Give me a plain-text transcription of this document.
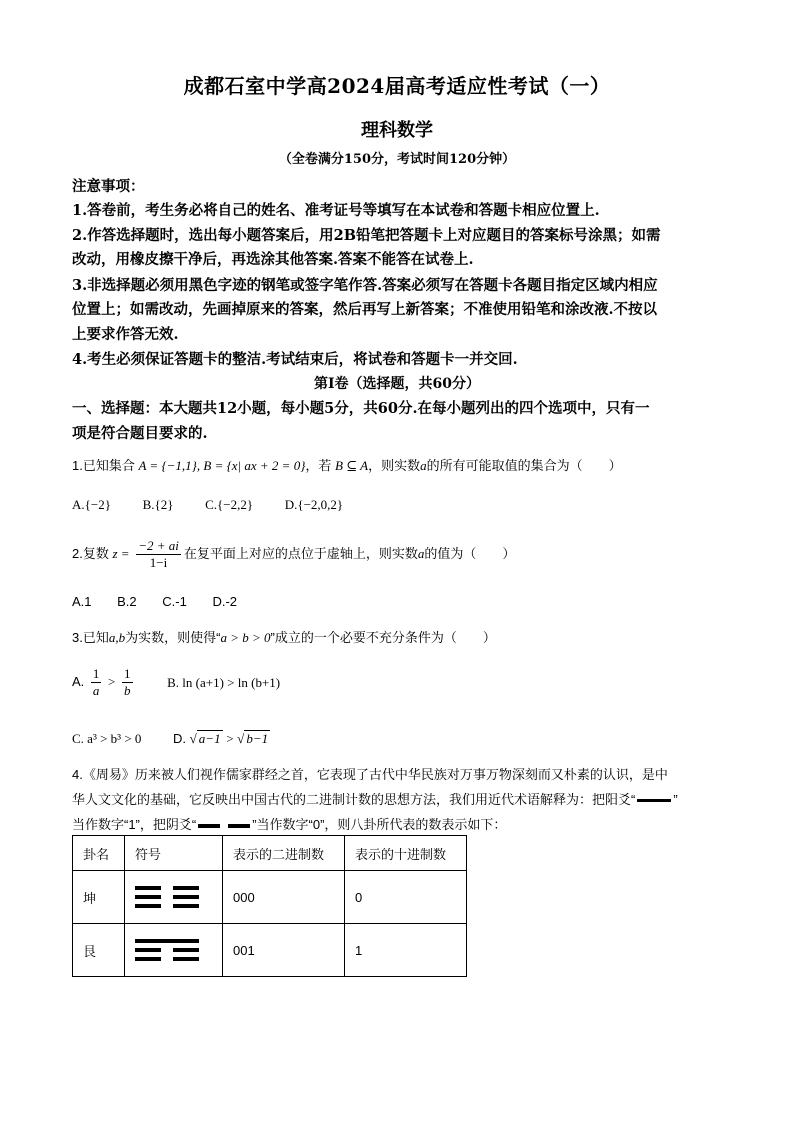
成都石室中学高2024届高考适应性考试（一）
理科数学
（全卷满分150分，考试时间120分钟）
注意事项：
1.答卷前，考生务必将自己的姓名、准考证号等填写在本试卷和答题卡相应位置上.
2.作答选择题时，选出每小题答案后，用2B铅笔把答题卡上对应题目的答案标号涂黑；如需
改动，用橡皮擦干净后，再选涂其他答案.答案不能答在试卷上.
3.非选择题必须用黑色字迹的钢笔或签字笔作答.答案必须写在答题卡各题目指定区域内相应
位置上；如需改动，先画掉原来的答案，然后再写上新答案；不准使用铅笔和涂改液.不按以
上要求作答无效.
4.考生必须保证答题卡的整洁.考试结束后，将试卷和答题卡一并交回.
第Ⅰ卷（选择题，共60分）
一、选择题：本大题共12小题，每小题5分，共60分.在每小题列出的四个选项中，只有一
项是符合题目要求的.
1.已知集合 A = {−1,1}, B = {x| ax + 2 = 0}，若 B ⊆ A，则实数a的所有可能取值的集合为（　　）
A.{−2} B.{2} C.{−2,2} D.{−2,0,2}
2.复数 $z = \frac{-2 + ai}{1-i}$ 在复平面上对应的点位于虚轴上，则实数a的值为（　　）
A.1 B.2 C.-1 D.-2
3.已知a,b为实数，则使得“a > b > 0”成立的一个必要不充分条件为（　　）
A. $\frac{1}{a} > \frac{1}{b}$	B. ln (a+1) > ln (b+1)
C. a³ > b³ > 0 D. √ a−1 > √ b−1
4.《周易》历来被人们视作儒家群经之首，它表现了古代中华民族对万事万物深刻而又朴素的认识，是中
华人文文化的基础，它反映出中国古代的二进制计数的思想方法，我们用近代术语解释为：把阳爻“	”
当作数字“1”，把阴爻“	”当作数字“0”，则八卦所代表的数表示如下：
卦名	符号	表示的二进制数	表示的十进制数
坤		000	0
艮		001	1
